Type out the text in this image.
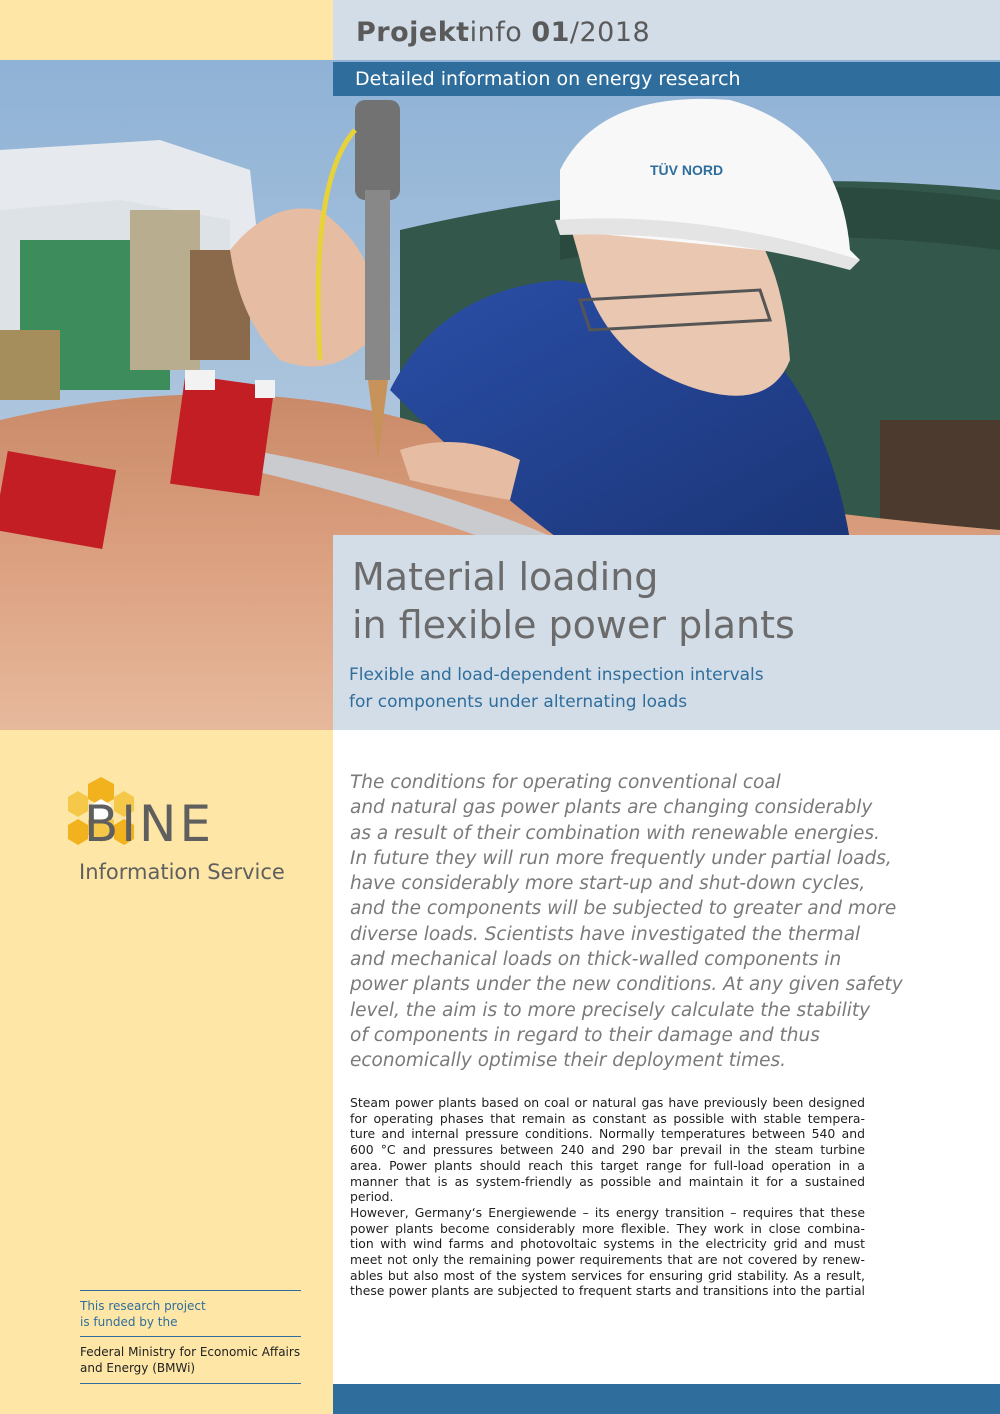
TÜV NORD
Projektinfo 01/2018
Detailed information on energy research
Material loading
in flexible power plants
Flexible and load-dependent inspection intervals
for components under alternating loads
BINE
Information Service
This research project
is funded by the
Federal Ministry for Economic Affairs
and Energy (BMWi)
The conditions for operating conventional coal
and natural gas power plants are changing considerably
as a result of their combination with renewable energies.
In future they will run more frequently under partial loads,
have considerably more start-up and shut-down cycles,
and the components will be subjected to greater and more
diverse loads. Scientists have investigated the thermal
and mechanical loads on thick-walled components in
power plants under the new conditions. At any given safety
level, the aim is to more precisely calculate the stability
of components in regard to their damage and thus
economically optimise their deployment times.
Steam power plants based on coal or natural gas have previously been designed
for operating phases that remain as constant as possible with stable tempera-
ture and internal pressure conditions. Normally temperatures between 540 and
600 °C and pressures between 240 and 290 bar prevail in the steam turbine
area. Power plants should reach this target range for full-load operation in a
manner that is as system-friendly as possible and maintain it for a sustained
period.
However, Germany‘s Energiewende – its energy transition – requires that these
power plants become considerably more flexible. They work in close combina-
tion with wind farms and photovoltaic systems in the electricity grid and must
meet not only the remaining power requirements that are not covered by renew-
ables but also most of the system services for ensuring grid stability. As a result,
these power plants are subjected to frequent starts and transitions into the partial
